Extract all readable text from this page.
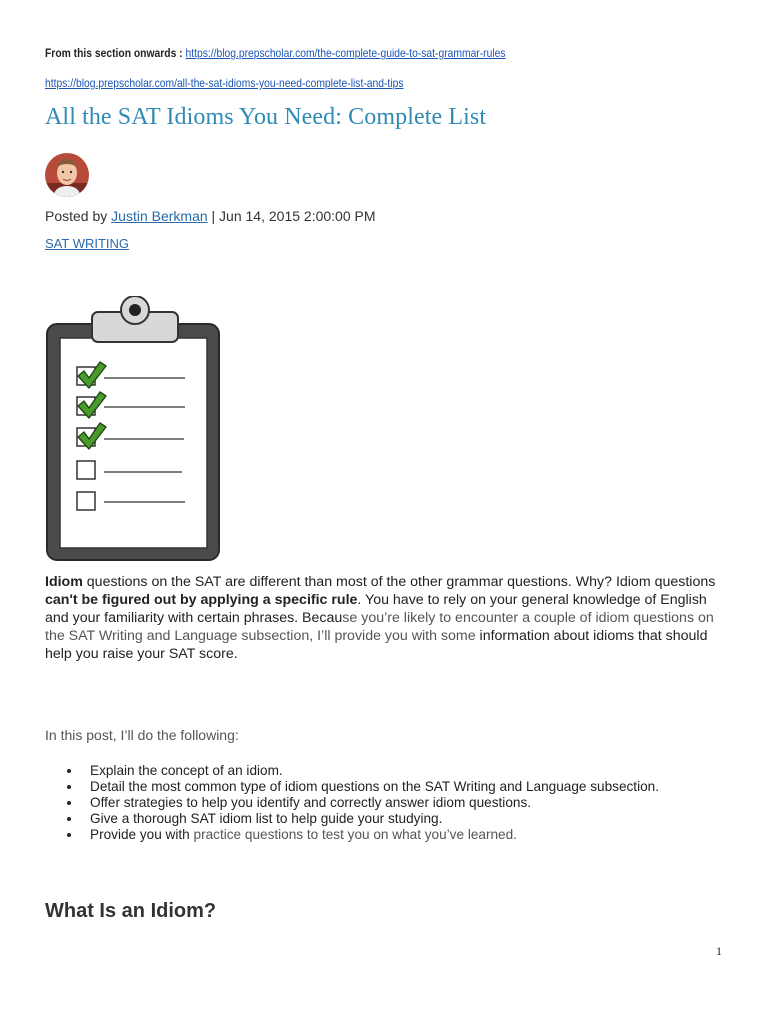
From this section onwards : https://blog.prepscholar.com/the-complete-guide-to-sat-grammar-rules
https://blog.prepscholar.com/all-the-sat-idioms-you-need-complete-list-and-tips
All the SAT Idioms You Need: Complete List
Posted by Justin Berkman | Jun 14, 2015 2:00:00 PM
SAT WRITING
Idiom questions on the SAT are different than most of the other grammar questions. Why? Idiom questions can't be figured out by applying a specific rule. You have to rely on your general knowledge of English and your familiarity with certain phrases. Because you’re likely to encounter a couple of idiom questions on the SAT Writing and Language subsection, I’ll provide you with some information about idioms that should help you raise your SAT score.
In this post, I’ll do the following:
Explain the concept of an idiom.
Detail the most common type of idiom questions on the SAT Writing and Language subsection.
Offer strategies to help you identify and correctly answer idiom questions.
Give a thorough SAT idiom list to help guide your studying.
Provide you with practice questions to test you on what you’ve learned.
What Is an Idiom?
1
